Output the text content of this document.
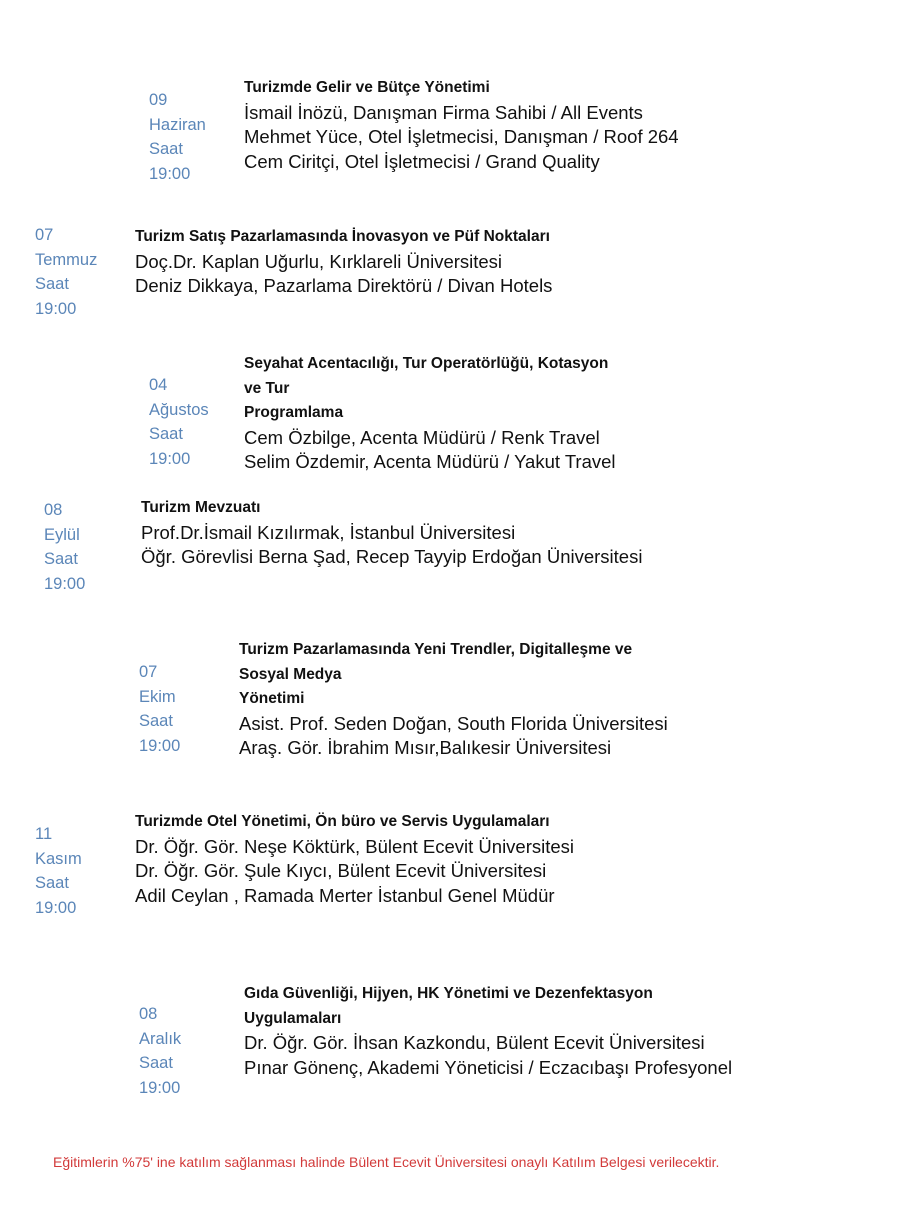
09
Haziran
Saat 19:00
Turizmde Gelir ve Bütçe Yönetimi
İsmail İnözü, Danışman Firma Sahibi / All Events
Mehmet Yüce, Otel İşletmecisi, Danışman / Roof 264
Cem Ciritçi, Otel İşletmecisi / Grand Quality
07
Temmuz
Saat 19:00
Turizm Satış Pazarlamasında İnovasyon ve Püf Noktaları
Doç.Dr. Kaplan Uğurlu, Kırklareli Üniversitesi
Deniz Dikkaya, Pazarlama Direktörü / Divan Hotels
04
Ağustos
Saat 19:00
Seyahat Acentacılığı, Tur Operatörlüğü, Kotasyon ve Tur
Programlama
Cem Özbilge, Acenta Müdürü / Renk Travel
Selim Özdemir, Acenta Müdürü / Yakut Travel
08
Eylül
Saat 19:00
Turizm Mevzuatı
Prof.Dr.İsmail Kızılırmak, İstanbul Üniversitesi
Öğr. Görevlisi Berna Şad, Recep Tayyip Erdoğan Üniversitesi
07
Ekim
Saat 19:00
Turizm Pazarlamasında Yeni Trendler, Digitalleşme ve Sosyal Medya
Yönetimi
Asist. Prof. Seden Doğan, South Florida Üniversitesi
Araş. Gör. İbrahim Mısır,Balıkesir Üniversitesi
11
Kasım
Saat 19:00
Turizmde Otel Yönetimi, Ön büro ve Servis Uygulamaları
Dr. Öğr. Gör. Neşe Köktürk, Bülent Ecevit Üniversitesi
Dr. Öğr. Gör. Şule Kıycı, Bülent Ecevit Üniversitesi
Adil Ceylan , Ramada Merter İstanbul Genel Müdür
08
Aralık
Saat 19:00
Gıda Güvenliği, Hijyen, HK Yönetimi ve Dezenfektasyon
Uygulamaları
Dr. Öğr. Gör. İhsan Kazkondu, Bülent Ecevit Üniversitesi
Pınar Gönenç, Akademi Yöneticisi / Eczacıbaşı Profesyonel
Eğitimlerin %75' ine katılım sağlanması halinde Bülent Ecevit Üniversitesi onaylı Katılım Belgesi verilecektir.
